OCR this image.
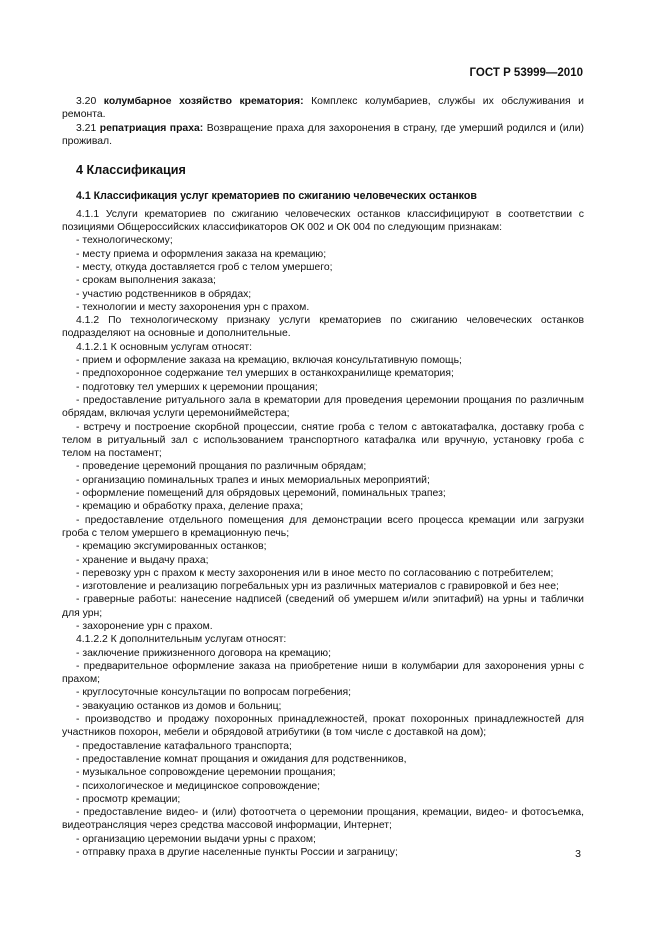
ГОСТ Р 53999—2010

3.20 колумбарное хозяйство крематория: Комплекс колумбариев, службы их обслуживания и ремонта.

3.21 репатриация праха: Возвращение праха для захоронения в страну, где умерший родился и (или) проживал.

4 Классификация
4.1 Классификация услуг крематориев по сжиганию человеческих останков

4.1.1 Услуги крематориев по сжиганию человеческих останков классифицируют в соответствии с позициями Общероссийских классификаторов ОК 002 и ОК 004 по следующим признакам:

- технологическому;

- месту приема и оформления заказа на кремацию;

- месту, откуда доставляется гроб с телом умершего;

- срокам выполнения заказа;

- участию родственников в обрядах;

- технологии и месту захоронения урн с прахом.

4.1.2 По технологическому признаку услуги крематориев по сжиганию человеческих останков подразделяют на основные и дополнительные.

4.1.2.1 К основным услугам относят:

- прием и оформление заказа на кремацию, включая консультативную помощь;

- предпохоронное содержание тел умерших в останкохранилище крематория;

- подготовку тел умерших к церемонии прощания;

- предоставление ритуального зала в крематории для проведения церемонии прощания по различным обрядам, включая услуги церемониймейстера;

- встречу и построение скорбной процессии, снятие гроба с телом с автокатафалка, доставку гроба с телом в ритуальный зал с использованием транспортного катафалка или вручную, установку гроба с телом на постамент;

- проведение церемоний прощания по различным обрядам;

- организацию поминальных трапез и иных мемориальных мероприятий;

- оформление помещений для обрядовых церемоний, поминальных трапез;

- кремацию и обработку праха, деление праха;

- предоставление отдельного помещения для демонстрации всего процесса кремации или загрузки гроба с телом умершего в кремационную печь;

- кремацию эксгумированных останков;

- хранение и выдачу праха;

- перевозку урн с прахом к месту захоронения или в иное место по согласованию с потребителем;

- изготовление и реализацию погребальных урн из различных материалов с гравировкой и без нее;

- граверные работы: нанесение надписей (сведений об умершем и/или эпитафий) на урны и таблички для урн;

- захоронение урн с прахом.

4.1.2.2 К дополнительным услугам относят:

- заключение прижизненного договора на кремацию;

- предварительное оформление заказа на приобретение ниши в колумбарии для захоронения урны с прахом;

- круглосуточные консультации по вопросам погребения;

- эвакуацию останков из домов и больниц;

- производство и продажу похоронных принадлежностей, прокат похоронных принадлежностей для участников похорон, мебели и обрядовой атрибутики (в том числе с доставкой на дом);

- предоставление катафального транспорта;

- предоставление комнат прощания и ожидания для родственников,

- музыкальное сопровождение церемонии прощания;

- психологическое и медицинское сопровождение;

- просмотр кремации;

- предоставление видео- и (или) фотоотчета о церемонии прощания, кремации, видео- и фотосъемка, видеотрансляция через средства массовой информации, Интернет;

- организацию церемонии выдачи урны с прахом;

- отправку праха в другие населенные пункты России и заграницу;	3
